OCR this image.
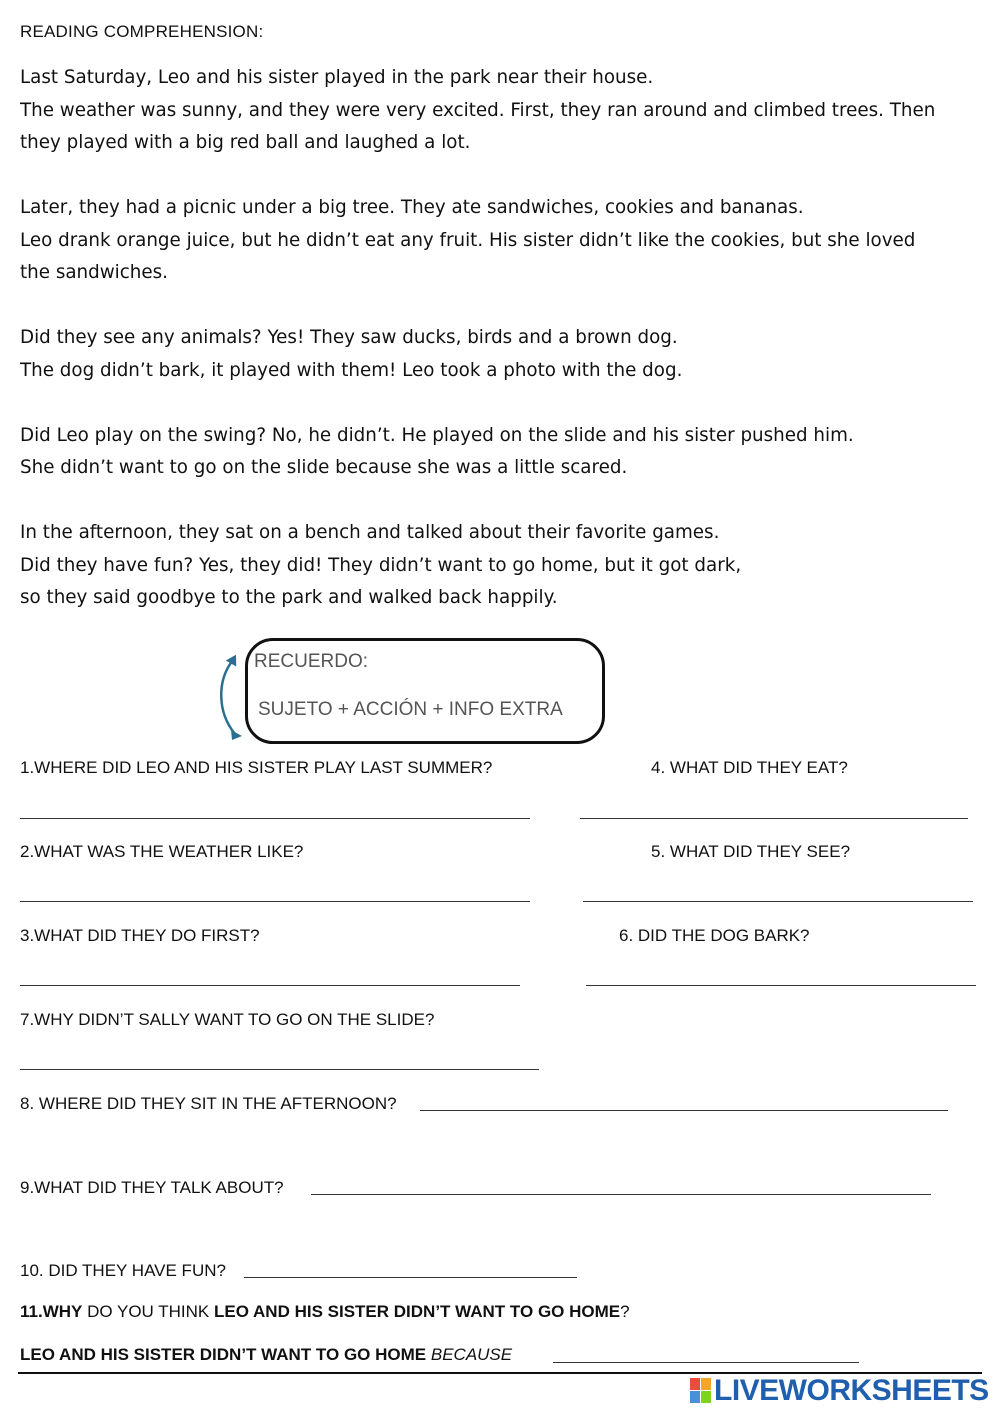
READING COMPREHENSION:
Last Saturday, Leo and his sister played in the park near their house.
The weather was sunny, and they were very excited. First, they ran around and climbed trees. Then
they played with a big red ball and laughed a lot.
Later, they had a picnic under a big tree. They ate sandwiches, cookies and bananas.
Leo drank orange juice, but he didn’t eat any fruit. His sister didn’t like the cookies, but she loved
the sandwiches.
Did they see any animals? Yes! They saw ducks, birds and a brown dog.
The dog didn’t bark, it played with them! Leo took a photo with the dog.
Did Leo play on the swing? No, he didn’t. He played on the slide and his sister pushed him.
She didn’t want to go on the slide because she was a little scared.
In the afternoon, they sat on a bench and talked about their favorite games.
Did they have fun? Yes, they did! They didn’t want to go home, but it got dark,
so they said goodbye to the park and walked back happily.
RECUERDO:
SUJETO + ACCIÓN + INFO EXTRA
1.WHERE DID LEO AND HIS SISTER PLAY LAST SUMMER?	4. WHAT DID THEY EAT?
2.WHAT WAS THE WEATHER LIKE?	5. WHAT DID THEY SEE?
3.WHAT DID THEY DO FIRST?	6. DID THE DOG BARK?
7.WHY DIDN’T SALLY WANT TO GO ON THE SLIDE?
8. WHERE DID THEY SIT IN THE AFTERNOON?
9.WHAT DID THEY TALK ABOUT?
10. DID THEY HAVE FUN?
11.WHY DO YOU THINK LEO AND HIS SISTER DIDN’T WANT TO GO HOME?
LEO AND HIS SISTER DIDN’T WANT TO GO HOME BECAUSE
LIVEWORKSHEETS
